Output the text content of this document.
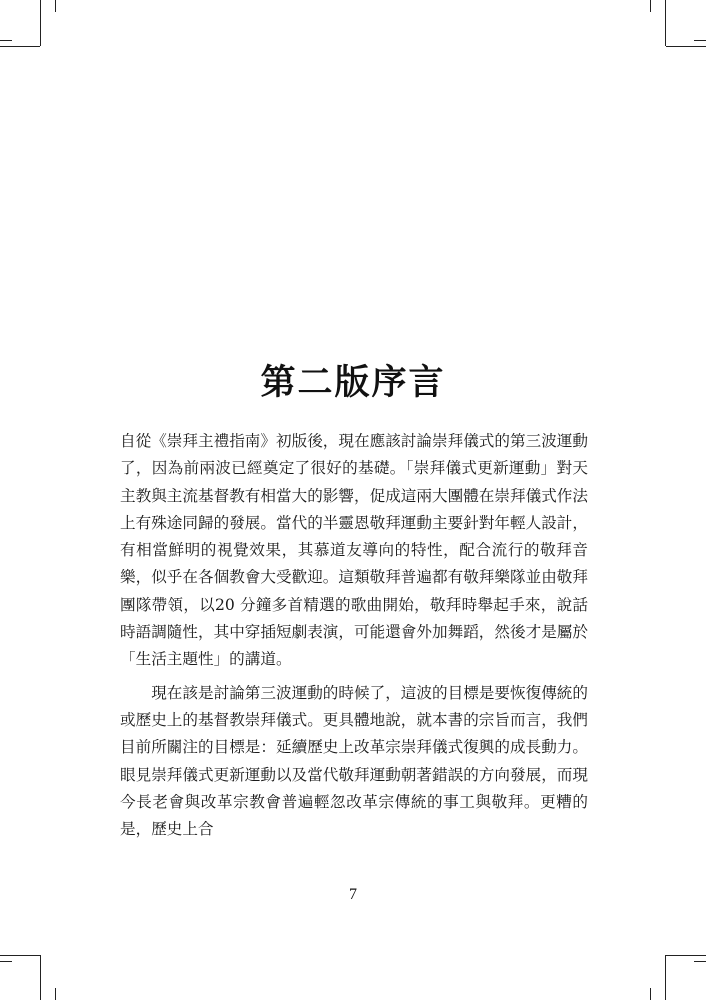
第二版序言

自從《崇拜主禮指南》初版後，現在應該討論崇拜儀式的第三波運動了，因為前兩波已經奠定了很好的基礎。「崇拜儀式更新運動」對天主教與主流基督教有相當大的影響，促成這兩大團體在崇拜儀式作法上有殊途同歸的發展。當代的半靈恩敬拜運動主要針對年輕人設計，有相當鮮明的視覺效果，其慕道友導向的特性，配合流行的敬拜音樂，似乎在各個教會大受歡迎。這類敬拜普遍都有敬拜樂隊並由敬拜團隊帶領，以20 分鐘多首精選的歌曲開始，敬拜時舉起手來，說話時語調隨性，其中穿插短劇表演，可能還會外加舞蹈，然後才是屬於「生活主題性」的講道。

現在該是討論第三波運動的時候了，這波的目標是要恢復傳統的或歷史上的基督教崇拜儀式。更具體地說，就本書的宗旨而言，我們目前所關注的目標是：延續歷史上改革宗崇拜儀式復興的成長動力。眼見崇拜儀式更新運動以及當代敬拜運動朝著錯誤的方向發展，而現今長老會與改革宗教會普遍輕忽改革宗傳統的事工與敬拜。更糟的是，歷史上合

7
